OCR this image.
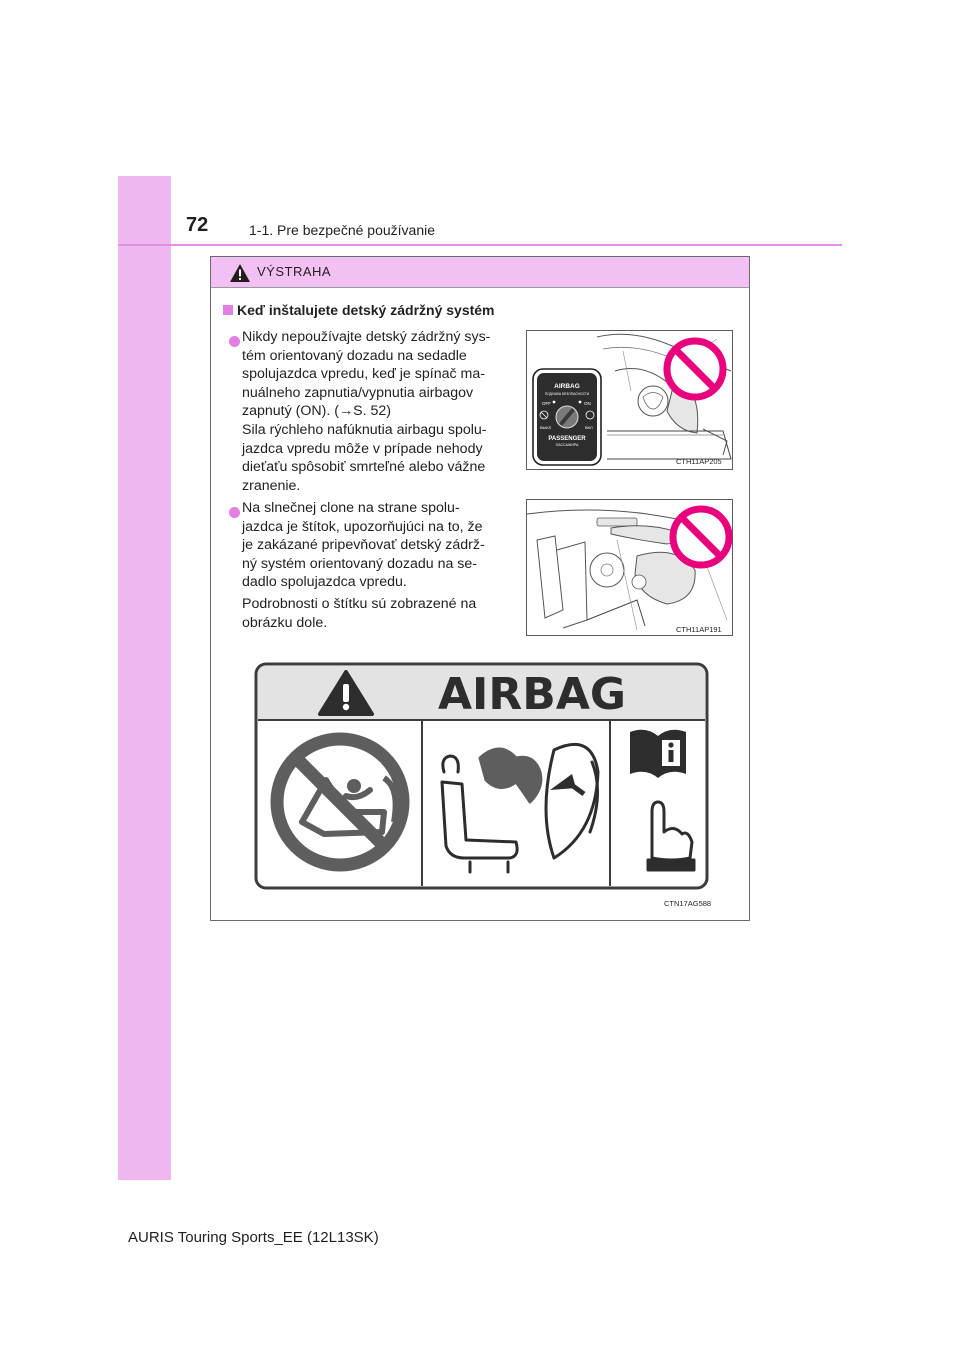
72	1-1. Pre bezpečné používanie
VÝSTRAHA
Keď inštalujete detský zádržný systém
Nikdy nepoužívajte detský zádržný sys-
tém orientovaný dozadu na sedadle
spolujazdca vpredu, keď je spínač ma-
nuálneho zapnutia/vypnutia airbagov
zapnutý (ON). (→S. 52)
Sila rýchleho nafúknutia airbagu spolu-
jazdca vpredu môže v prípade nehody
dieťaťu spôsobiť smrteľné alebo vážne
zranenie.
AIRBAG
ПОДУШКА БЕЗОПАСНОСТИ
OFF	ON
ВЫКЛ	ВКЛ
PASSENGER
ПАССАЖИРА
CTH11AP205
Na slnečnej clone na strane spolu-
jazdca je štítok, upozorňujúci na to, že
je zakázané pripevňovať detský zádrž-
ný systém orientovaný dozadu na se-
dadlo spolujazdca vpredu.
Podrobnosti o štítku sú zobrazené na
obrázku dole.	CTH11AP191
AIRBAG
CTN17AG588
AURIS Touring Sports_EE (12L13SK)
